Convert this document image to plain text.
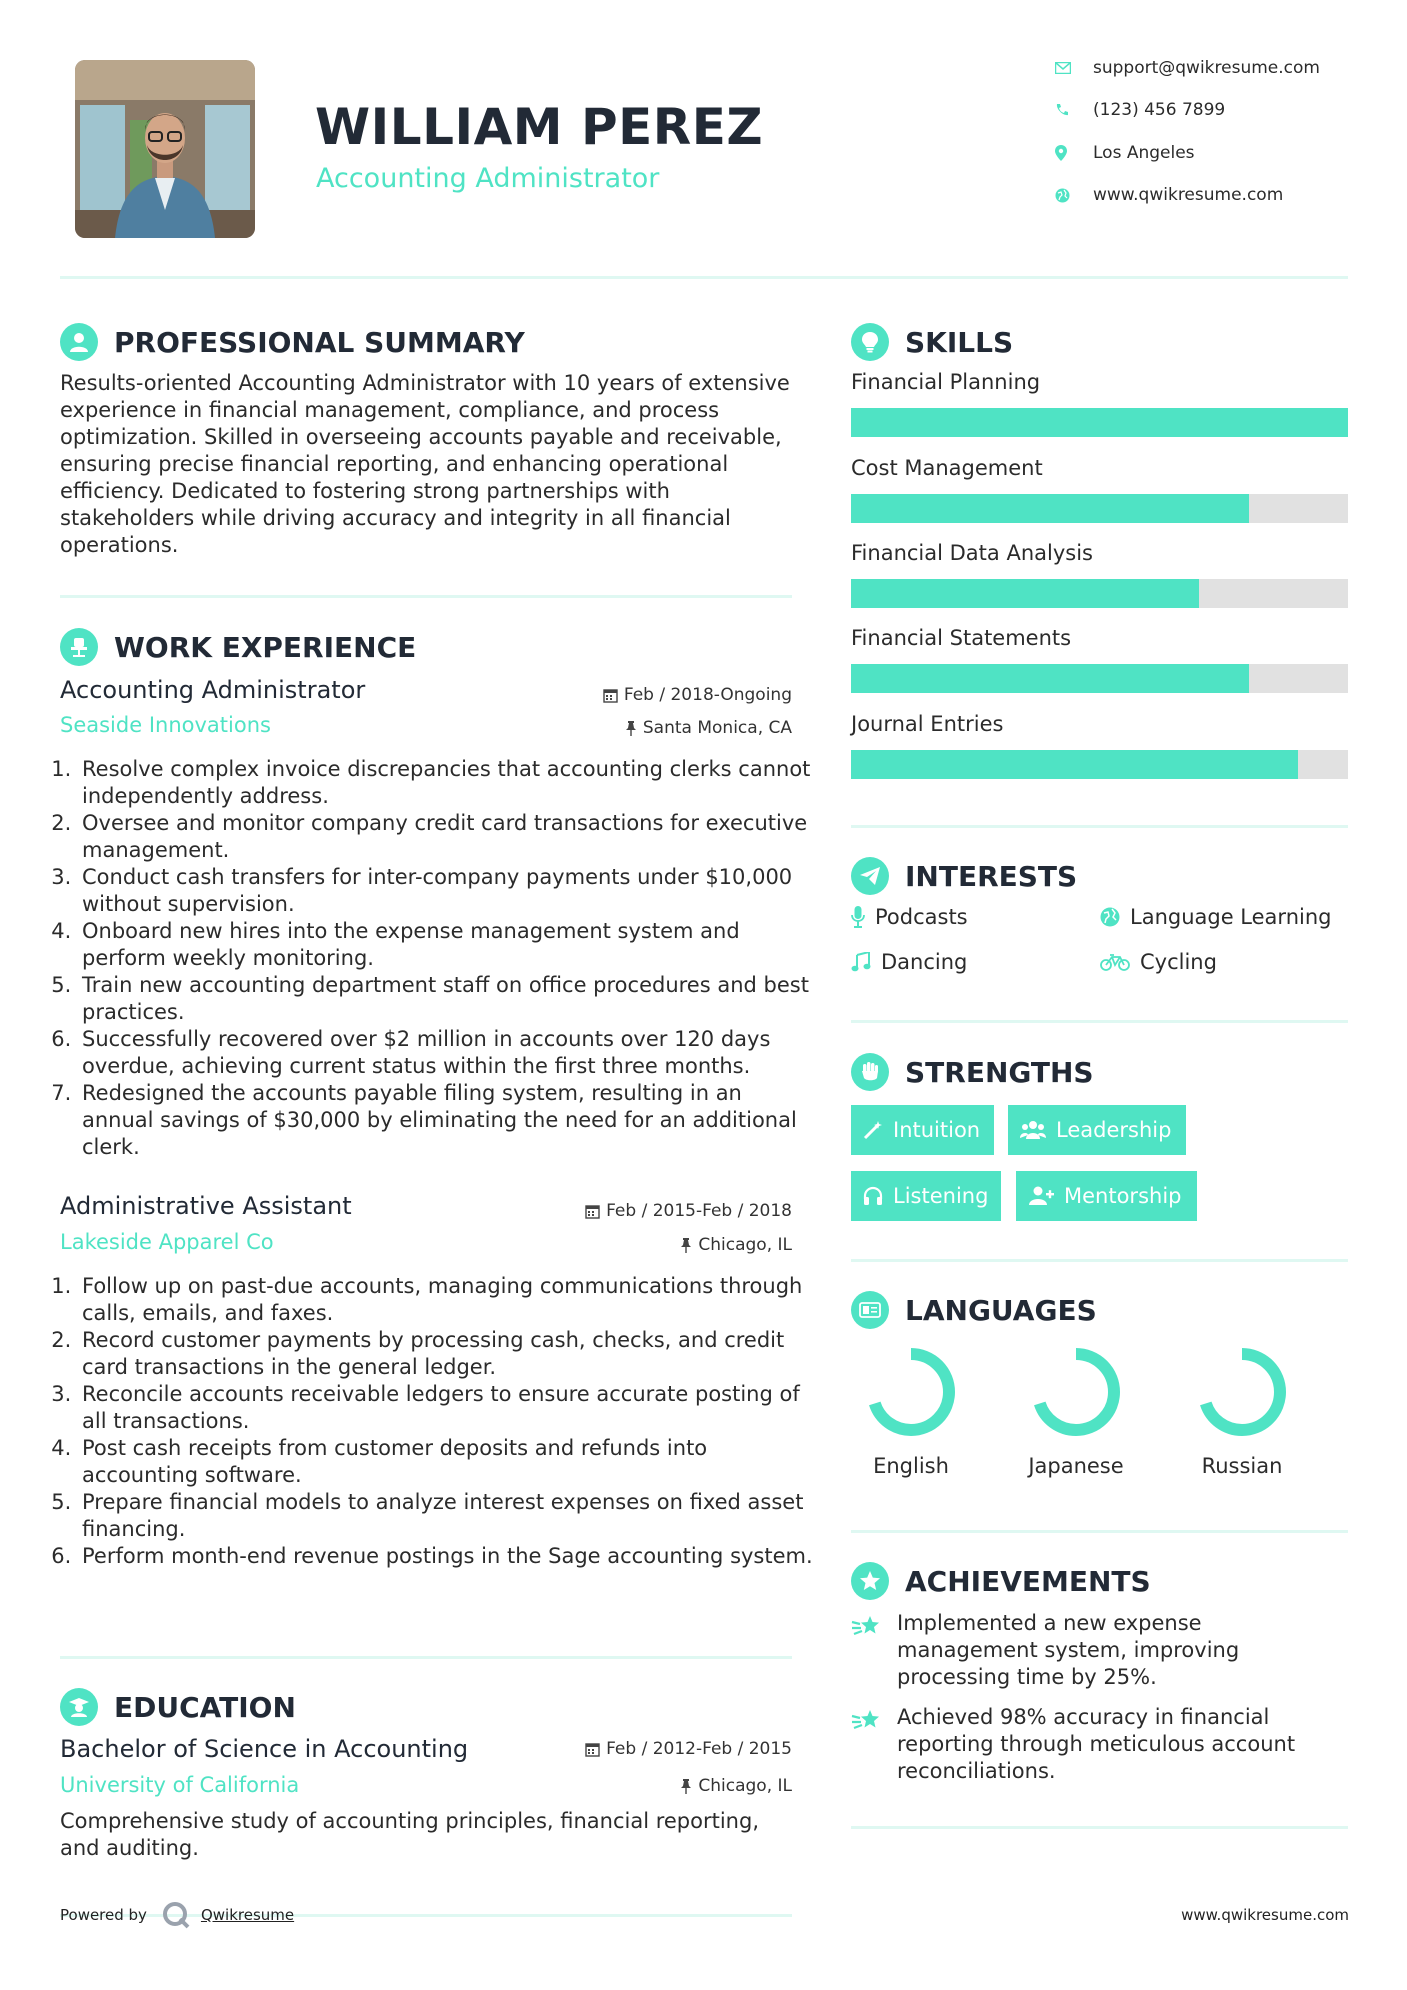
WILLIAM PEREZ
Accounting Administrator
support@qwikresume.com
(123) 456 7899
Los Angeles
www.qwikresume.com
PROFESSIONAL SUMMARY
Results-oriented Accounting Administrator with 10 years of extensive experience in financial management, compliance, and process optimization. Skilled in overseeing accounts payable and receivable, ensuring precise financial reporting, and enhancing operational efficiency. Dedicated to fostering strong partnerships with stakeholders while driving accuracy and integrity in all financial operations.
WORK EXPERIENCE
Accounting Administrator	Feb / 2018-Ongoing
Seaside Innovations	Santa Monica, CA
1. Resolve complex invoice discrepancies that accounting clerks cannot independently address.
2. Oversee and monitor company credit card transactions for executive management.
3. Conduct cash transfers for inter-company payments under $10,000 without supervision.
4. Onboard new hires into the expense management system and perform weekly monitoring.
5. Train new accounting department staff on office procedures and best practices.
6. Successfully recovered over $2 million in accounts over 120 days overdue, achieving current status within the first three months.
7. Redesigned the accounts payable filing system, resulting in an annual savings of $30,000 by eliminating the need for an additional clerk.
Administrative Assistant	Feb / 2015-Feb / 2018
Lakeside Apparel Co	Chicago, IL
1. Follow up on past-due accounts, managing communications through calls, emails, and faxes.
2. Record customer payments by processing cash, checks, and credit card transactions in the general ledger.
3. Reconcile accounts receivable ledgers to ensure accurate posting of all transactions.
4. Post cash receipts from customer deposits and refunds into accounting software.
5. Prepare financial models to analyze interest expenses on fixed asset financing.
6. Perform month-end revenue postings in the Sage accounting system.
EDUCATION
Bachelor of Science in Accounting	Feb / 2012-Feb / 2015
University of California	Chicago, IL
Comprehensive study of accounting principles, financial reporting, and auditing.
SKILLS
Financial Planning
Cost Management
Financial Data Analysis
Financial Statements
Journal Entries
INTERESTS
Podcasts	Language Learning
Dancing	Cycling
STRENGTHS
Intuition	Leadership
Listening	Mentorship
LANGUAGES
English	Japanese	Russian
ACHIEVEMENTS
Implemented a new expense management system, improving processing time by 25%.
Achieved 98% accuracy in financial reporting through meticulous account reconciliations.
Powered by	Qwikresume	www.qwikresume.com
